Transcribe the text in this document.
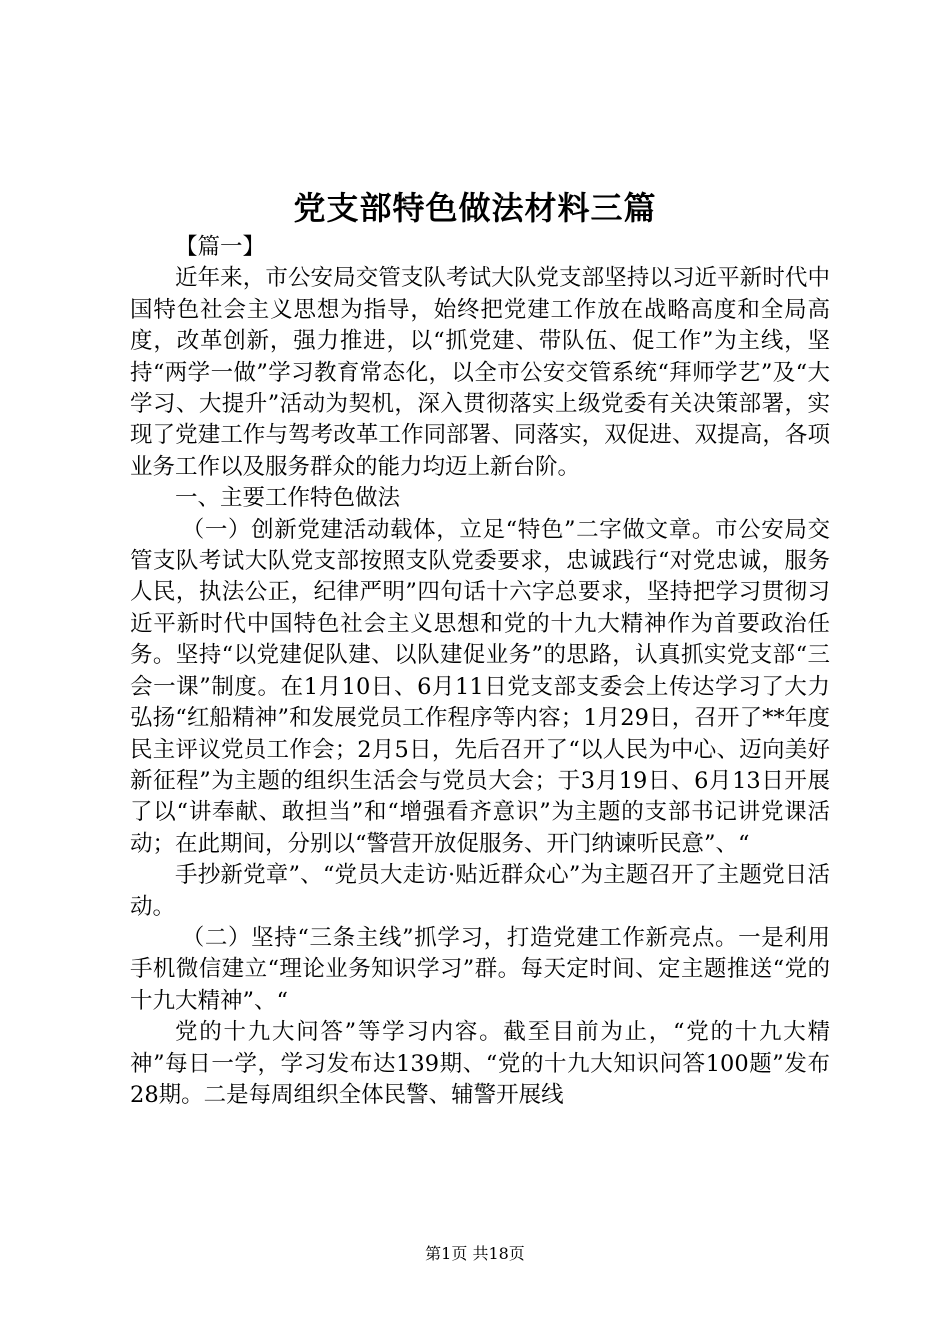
党支部特色做法材料三篇

【篇一】

近年来，市公安局交管支队考试大队党支部坚持以习近平新时代中国特色社会主义思想为指导，始终把党建工作放在战略高度和全局高度，改革创新，强力推进，以“抓党建、带队伍、促工作”为主线，坚持“两学一做”学习教育常态化，以全市公安交管系统“拜师学艺”及“大学习、大提升”活动为契机，深入贯彻落实上级党委有关决策部署，实现了党建工作与驾考改革工作同部署、同落实，双促进、双提高，各项业务工作以及服务群众的能力均迈上新台阶。

一、主要工作特色做法

（一）创新党建活动载体，立足“特色”二字做文章。市公安局交管支队考试大队党支部按照支队党委要求，忠诚践行“对党忠诚，服务人民，执法公正，纪律严明”四句话十六字总要求，坚持把学习贯彻习近平新时代中国特色社会主义思想和党的十九大精神作为首要政治任务。坚持“以党建促队建、以队建促业务”的思路，认真抓实党支部“三会一课”制度。在1月10日、6月11日党支部支委会上传达学习了大力弘扬“红船精神”和发展党员工作程序等内容；1月29日，召开了**年度民主评议党员工作会；2月5日，先后召开了“以人民为中心、迈向美好新征程”为主题的组织生活会与党员大会；于3月19日、6月13日开展了以“讲奉献、敢担当”和“增强看齐意识”为主题的支部书记讲党课活动；在此期间，分别以“警营开放促服务、开门纳谏听民意”、“

手抄新党章”、“党员大走访·贴近群众心”为主题召开了主题党日活动。

（二）坚持“三条主线”抓学习，打造党建工作新亮点。一是利用手机微信建立“理论业务知识学习”群。每天定时间、定主题推送“党的十九大精神”、“

党的十九大问答”等学习内容。截至目前为止，“党的十九大精神”每日一学，学习发布达139期、“党的十九大知识问答100题”发布28期。二是每周组织全体民警、辅警开展线

第1页 共18页
